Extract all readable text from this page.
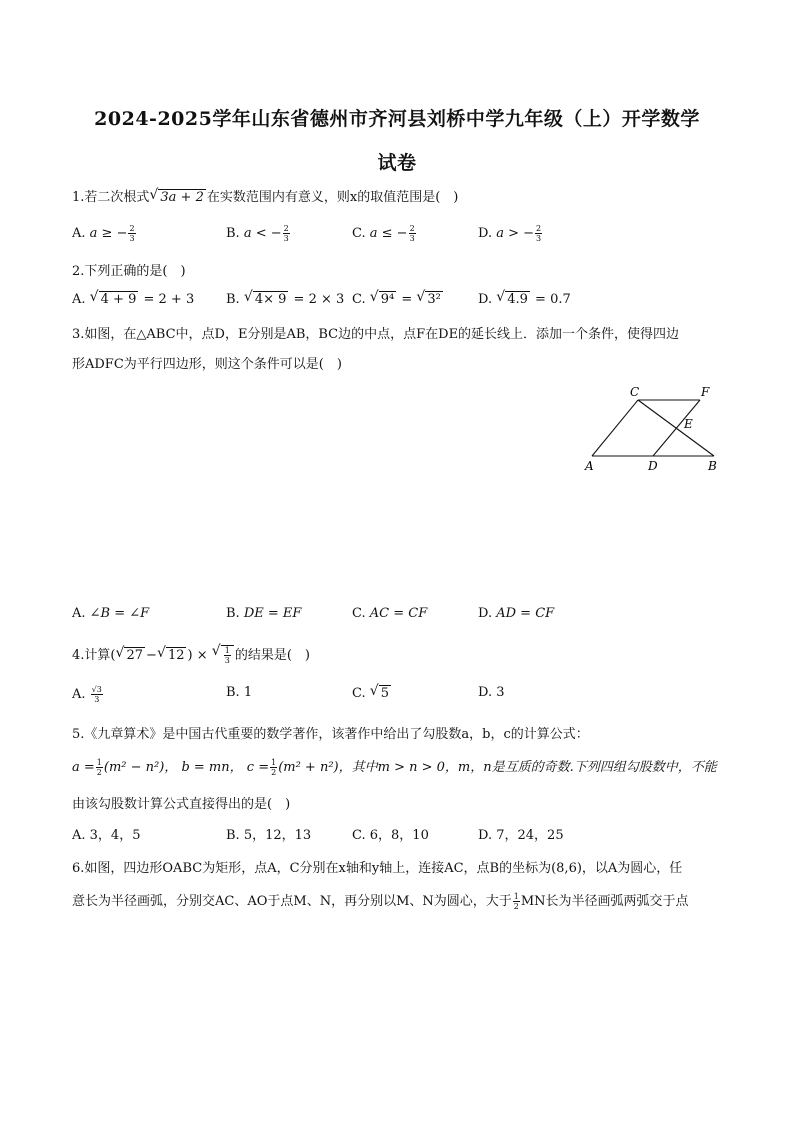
2024-2025学年山东省德州市齐河县刘桥中学九年级（上）开学数学
试卷
1.若二次根式 √ 3a + 2 在实数范围内有意义，则x的取值范围是(　)
A. a ≥ − $\frac{2}{3}$	B. a < − $\frac{2}{3}$	C. a ≤ − $\frac{2}{3}$	D. a > − $\frac{2}{3}$
2.下列正确的是(　)
A. √ 4 + 9 = 2 + 3 B. √ 4× 9 = 2 × 3 C. √ 9⁴ = √ 3²	D. √ 4.9 = 0.7
3.如图，在△ABC中，点D，E分别是AB，BC边的中点，点F在DE的延长线上．添加一个条件，使得四边
形ADFC为平行四边形，则这个条件可以是(　)
C	F
E
A	D	B
A. ∠B = ∠F	B. DE = EF	C. AC = CF	D. AD = CF
4.计算( √ 27 − √ 12 ) × √ $\frac{1}{3}$ 的结果是(　)
A. $\frac{√3}{3}$	B. 1	C. √ 5	D. 3
5.《九章算术》是中国古代重要的数学著作，该著作中给出了勾股数a，b，c的计算公式：
$a = \frac{1}{2} (m^2 - n^2)$， b = mn， $c = \frac{1}{2} (m^2 + n^2)$，其中m > n > 0，m，n是互质的奇数.下列四组勾股数中，不能
由该勾股数计算公式直接得出的是(　)
A. 3，4，5	B. 5，12，13	C. 6，8，10	D. 7，24，25
6.如图，四边形OABC为矩形，点A，C分别在x轴和y轴上，连接AC，点B的坐标为(8,6)，以A为圆心，任
意长为半径画弧，分别交AC、AO于点M、N，再分别以M、N为圆心，大于 $\frac{1}{2}$ MN长为半径画弧两弧交于点
